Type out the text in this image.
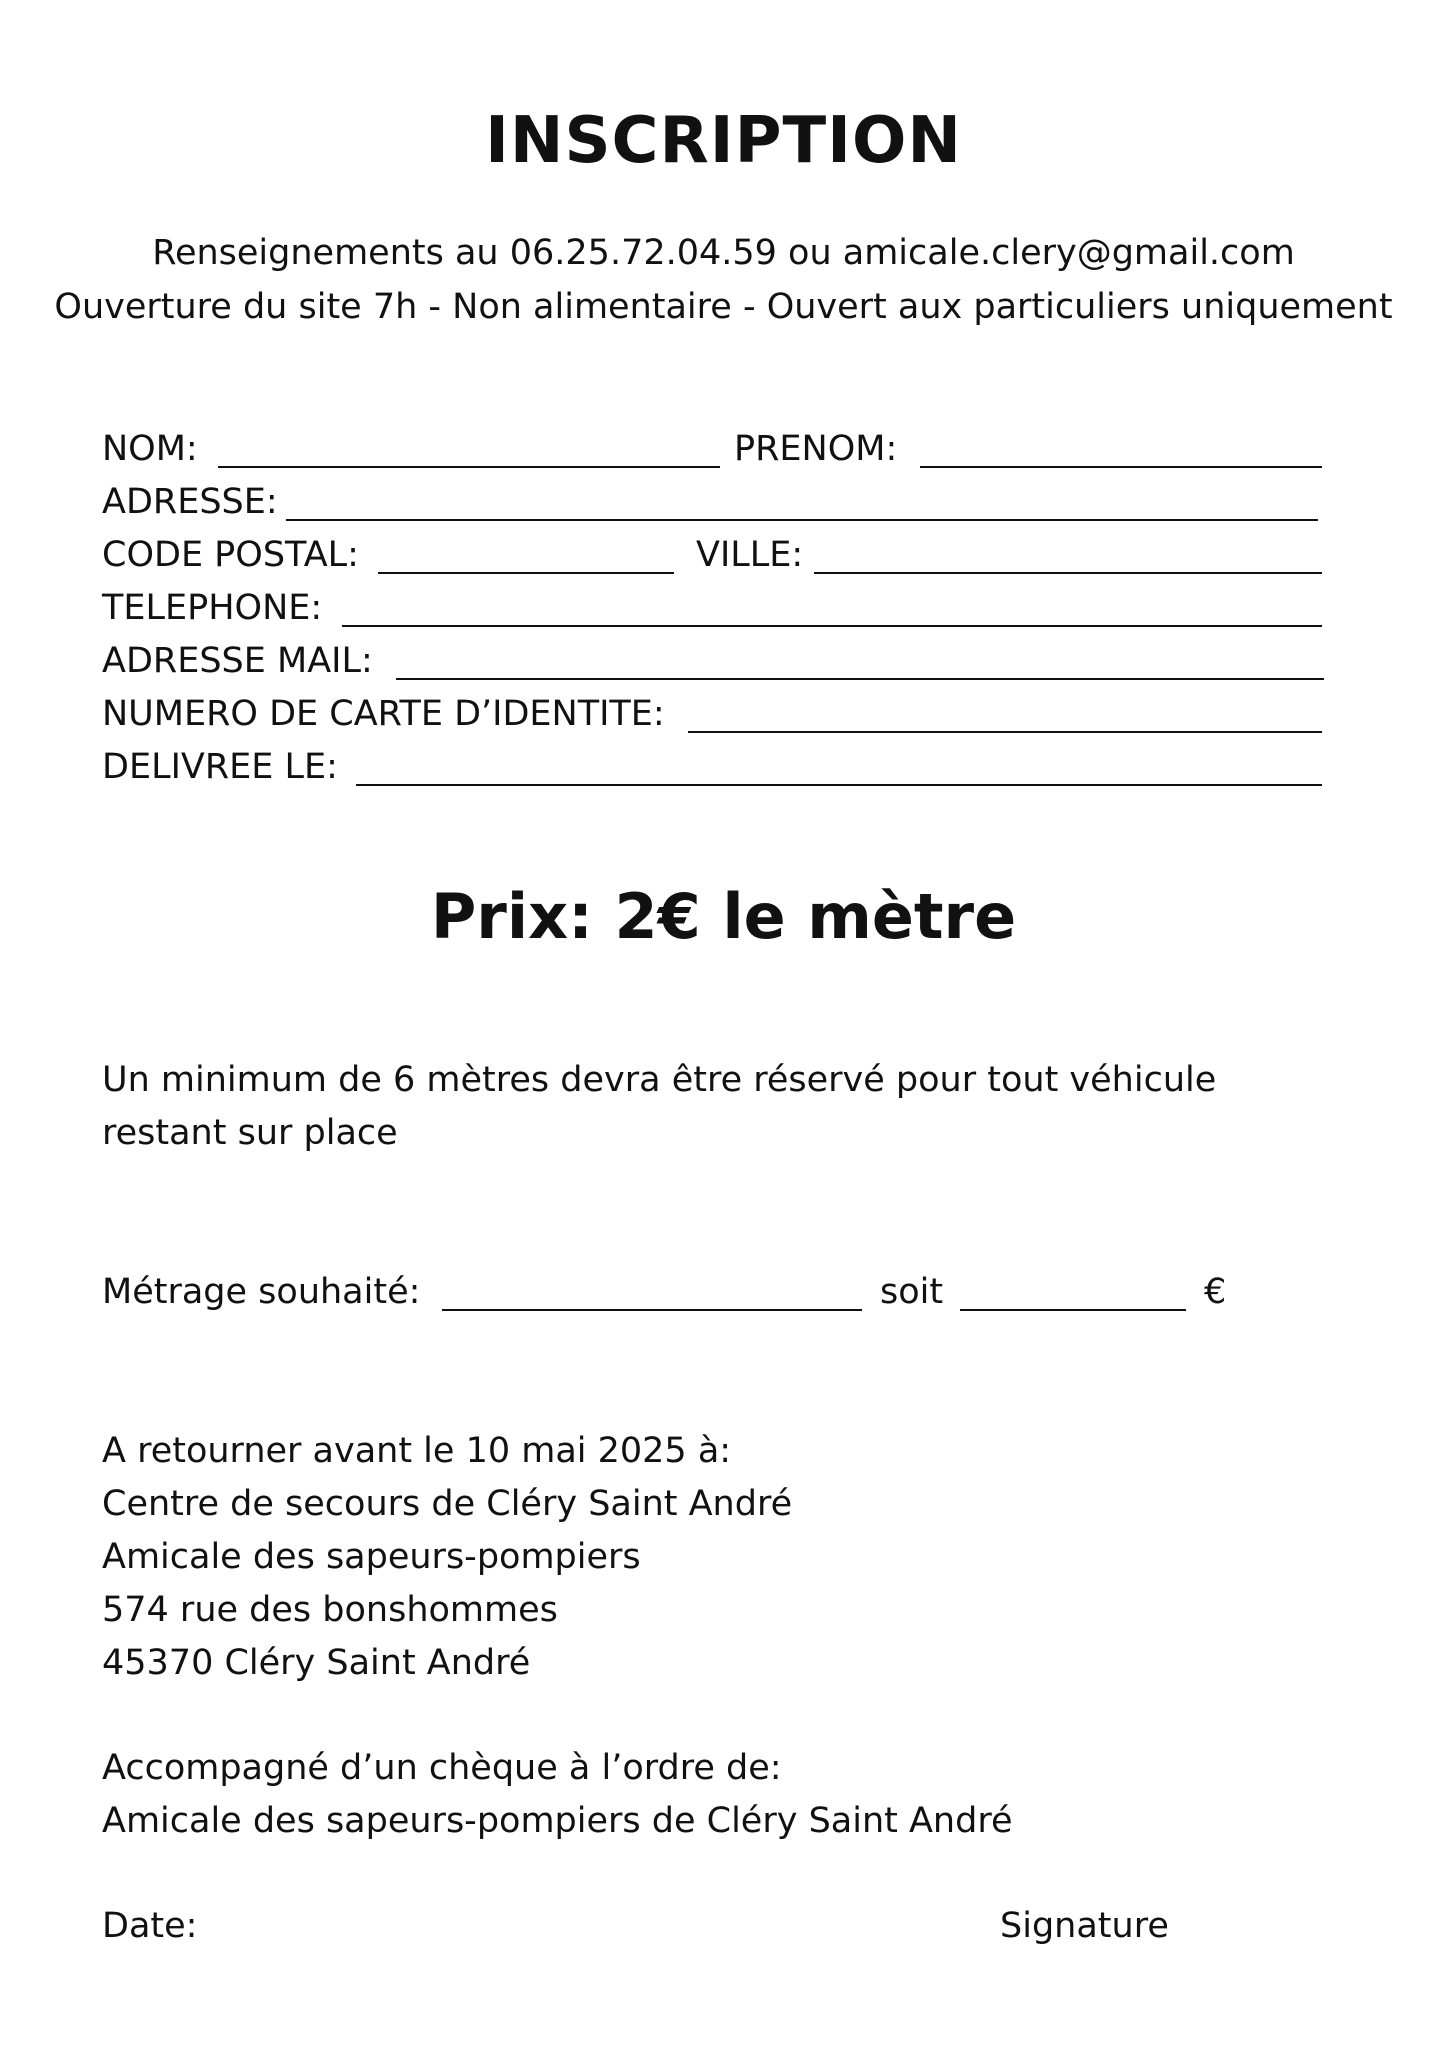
INSCRIPTION
Renseignements au 06.25.72.04.59 ou amicale.clery@gmail.com
Ouverture du site 7h - Non alimentaire - Ouvert aux particuliers uniquement
NOM:	PRENOM:
ADRESSE:
CODE POSTAL:	VILLE:
TELEPHONE:
ADRESSE MAIL:
NUMERO DE CARTE D’IDENTITE:
DELIVREE LE:
Prix: 2€ le mètre
Un minimum de 6 mètres devra être réservé pour tout véhicule
restant sur place
Métrage souhaité:	soit	€
A retourner avant le 10 mai 2025 à:
Centre de secours de Cléry Saint André
Amicale des sapeurs-pompiers
574 rue des bonshommes
45370 Cléry Saint André
Accompagné d’un chèque à l’ordre de:
Amicale des sapeurs-pompiers de Cléry Saint André
Date:	Signature
